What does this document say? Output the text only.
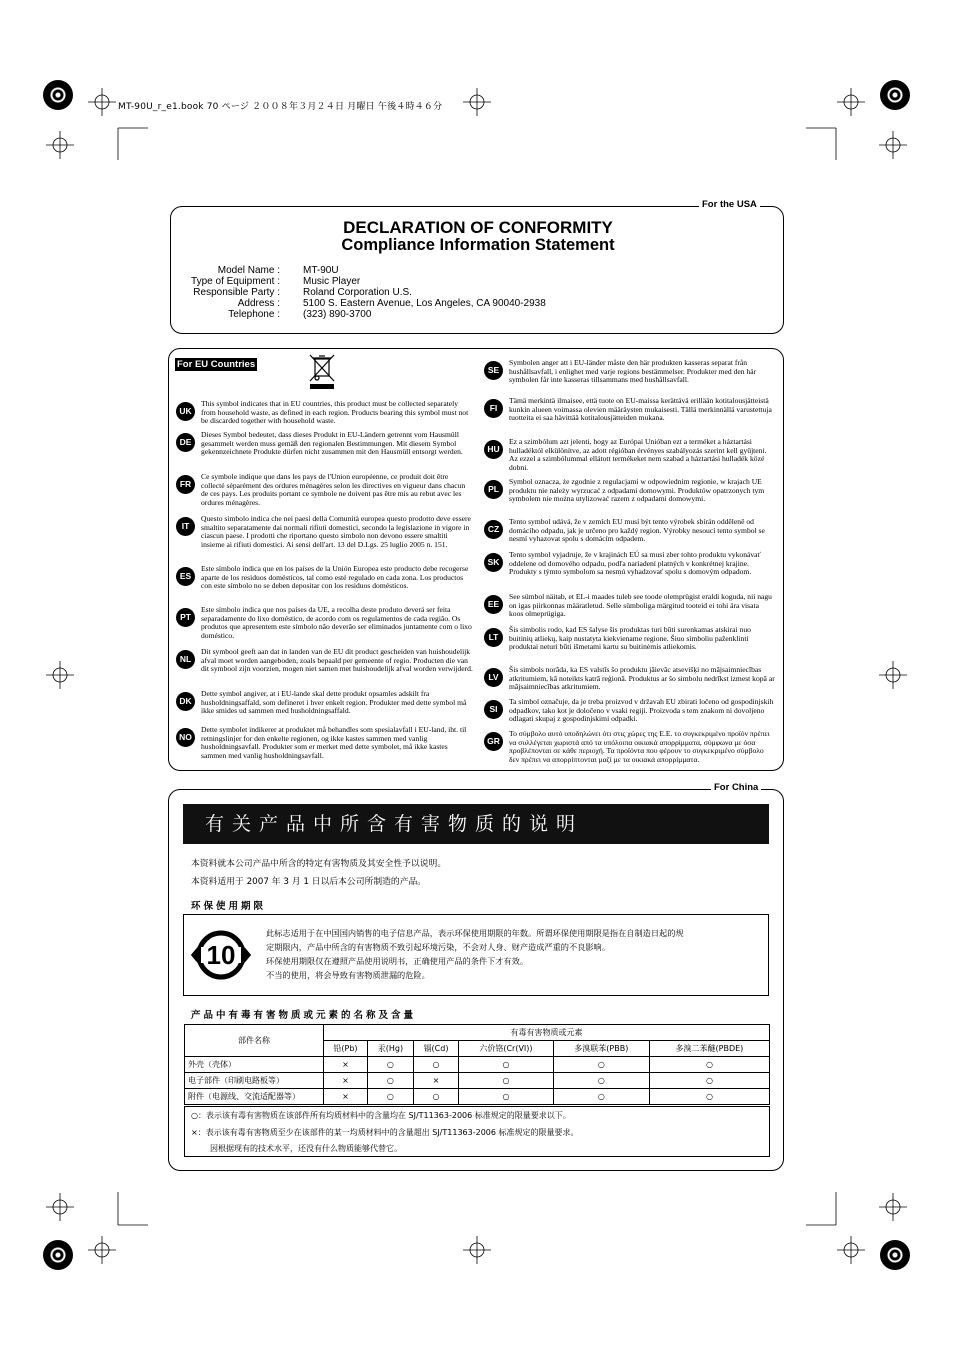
MT-90U_r_e1.book 70 ページ ２００８年３月２４日 月曜日 午後４時４６分
For the USA
DECLARATION OF CONFORMITY
Compliance Information Statement
Model Name : MT-90U
Type of Equipment : Music Player
Responsible Party : Roland Corporation U.S.
Address : 5100 S. Eastern Avenue, Los Angeles, CA 90040-2938
Telephone : (323) 890-3700
For EU Countries
UK
This symbol indicates that in EU countries, this product must be collected separately from household waste, as defined in each region. Products bearing this symbol must not be discarded together with household waste.
DE
Dieses Symbol bedeutet, dass dieses Produkt in EU-Ländern getrennt vom Hausmüll gesammelt werden muss gemäß den regionalen Bestimmungen. Mit diesem Symbol gekennzeichnete Produkte dürfen nicht zusammen mit den Hausmüll entsorgt werden.
FR
Ce symbole indique que dans les pays de l'Union européenne, ce produit doit être collecté séparément des ordures ménagères selon les directives en vigueur dans chacun de ces pays. Les produits portant ce symbole ne doivent pas être mis au rebut avec les ordures ménagères.
IT
Questo simbolo indica che nei paesi della Comunità europea questo prodotto deve essere smaltito separatamente dai normali rifiuti domestici, secondo la legislazione in vigore in ciascun paese. I prodotti che riportano questo simbolo non devono essere smaltiti insieme ai rifiuti domestici. Ai sensi dell'art. 13 del D.Lgs. 25 luglio 2005 n. 151.
ES
Este símbolo indica que en los países de la Unión Europea este producto debe recogerse aparte de los residuos domésticos, tal como esté regulado en cada zona. Los productos con este símbolo no se deben depositar con los residuos domésticos.
PT
Este símbolo indica que nos países da UE, a recolha deste produto deverá ser feita separadamente do lixo doméstico, de acordo com os regulamentos de cada região. Os produtos que apresentem este símbolo não deverão ser eliminados juntamente com o lixo doméstico.
NL
Dit symbool geeft aan dat in landen van de EU dit product gescheiden van huishoudelijk afval moet worden aangeboden, zoals bepaald per gemeente of regio. Producten die van dit symbool zijn voorzien, mogen niet samen met huishoudelijk afval worden verwijderd.
DK
Dette symbol angiver, at i EU-lande skal dette produkt opsamles adskilt fra husholdningsaffald, som defineret i hver enkelt region. Produkter med dette symbol må ikke smides ud sammen med husholdningsaffald.
NO
Dette symbolet indikerer at produktet må behandles som spesialavfall i EU-land, iht. til retningslinjer for den enkelte regionen, og ikke kastes sammen med vanlig husholdningsavfall. Produkter som er merket med dette symbolet, må ikke kastes sammen med vanlig husholdningsavfall.
SE
Symbolen anger att i EU-länder måste den här produkten kasseras separat från hushållsavfall, i enlighet med varje regions bestämmelser. Produkter med den här symbolen får inte kasseras tillsammans med hushållsavfall.
FI
Tämä merkintä ilmaisee, että tuote on EU-maissa kerättävä erillään kotitalousjätteistä kunkin alueen voimassa olevien määräysten mukaisesti. Tällä merkinnällä varustettuja tuotteita ei saa hävittää kotitalousjätteiden mukana.
HU
Ez a szimbólum azt jelenti, hogy az Európai Unióban ezt a terméket a háztartási hulladéktól elkülönítve, az adott régióban érvényes szabályozás szerint kell gyűjteni. Az ezzel a szimbólummal ellátott termékeket nem szabad a háztartási hulladék közé dobni.
PL
Symbol oznacza, że zgodnie z regulacjami w odpowiednim regionie, w krajach UE produktu nie należy wyrzucać z odpadami domowymi. Produktów opatrzonych tym symbolem nie można utylizować razem z odpadami domowymi.
CZ
Tento symbol udává, že v zemích EU musí být tento výrobek sbírán odděleně od domácího odpadu, jak je určeno pro každý region. Výrobky nesoucí tento symbol se nesmí vyhazovat spolu s domácím odpadem.
SK
Tento symbol vyjadruje, že v krajinách EÚ sa musí zber tohto produktu vykonávať oddelene od domového odpadu, podľa nariadení platných v konkrétnej krajine. Produkty s týmto symbolom sa nesmú vyhadzovať spolu s domovým odpadom.
EE
See sümbol näitab, et EL-i maades tuleb see toode olemprügist eraldi koguda, nii nagu on igas piirkonnas määratletud. Selle sümboliga märgitud tooteid ei tohi ära visata koos olmeprügiga.
LT
Šis simbolis rodo, kad ES šalyse šis produktas turi būti surenkamas atskirai nuo buitinių atliekų, kaip nustatyta kiekviename regione. Šiuo simboliu paženklinti produktai neturi būti išmetami kartu su buitinėmis atliekomis.
LV
Šis simbols norāda, ka ES valstīs šo produktu jāievāc atsevišķi no mājsaimniecības atkritumiem, kā noteikts katrā reģionā. Produktus ar šo simbolu nedrīkst izmest kopā ar mājsaimniecības atkritumiem.
SI
Ta simbol označuje, da je treba proizvod v državah EU zbirati ločeno od gospodinjskih odpadkov, tako kot je določeno v vsaki regiji. Proizvoda s tem znakom ni dovoljeno odlagati skupaj z gospodinjskimi odpadki.
GR
Το σύμβολο αυτό υποδηλώνει ότι στις χώρες της Ε.Ε. το συγκεκριμένο προϊόν πρέπει να συλλέγεται χωριστά από τα υπόλοιπα οικιακά απορρίμματα, σύμφωνα με όσα προβλέπονται σε κάθε περιοχή. Τα προϊόντα που φέρουν το συγκεκριμένο σύμβολο δεν πρέπει να απορρίπτονται μαζί με τα οικιακά απορρίμματα.
For China
有关产品中所含有害物质的说明
本资料就本公司产品中所含的特定有害物质及其安全性予以说明。
本资料适用于 2007 年 3 月 1 日以后本公司所制造的产品。
环保使用期限
10
此标志适用于在中国国内销售的电子信息产品，表示环保使用期限的年数。所谓环保使用期限是指在自制造日起的规
定期限内，产品中所含的有害物质不致引起环境污染，不会对人身、财产造成严重的不良影响。
环保使用期限仅在遵照产品使用说明书，正确使用产品的条件下才有效。
不当的使用，将会导致有害物质泄漏的危险。
产品中有毒有害物质或元素的名称及含量
部件名称	有毒有害物质或元素					
	铅(Pb)	汞(Hg)	镉(Cd)	六价铬(Cr(VI))	多溴联苯(PBB)	多溴二苯醚(PBDE)
外壳（壳体）	×	○	○	○	○	○
电子部件（印刷电路板等）	×	○	×	○	○	○
附件（电源线、交流适配器等）	×	○	○	○	○	○
○：表示该有毒有害物质在该部件所有均质材料中的含量均在 SJ/T11363-2006 标准规定的限量要求以下。
×：表示该有毒有害物质至少在该部件的某一均质材料中的含量超出 SJ/T11363-2006 标准规定的限量要求。
因根据现有的技术水平，还没有什么物质能够代替它。
